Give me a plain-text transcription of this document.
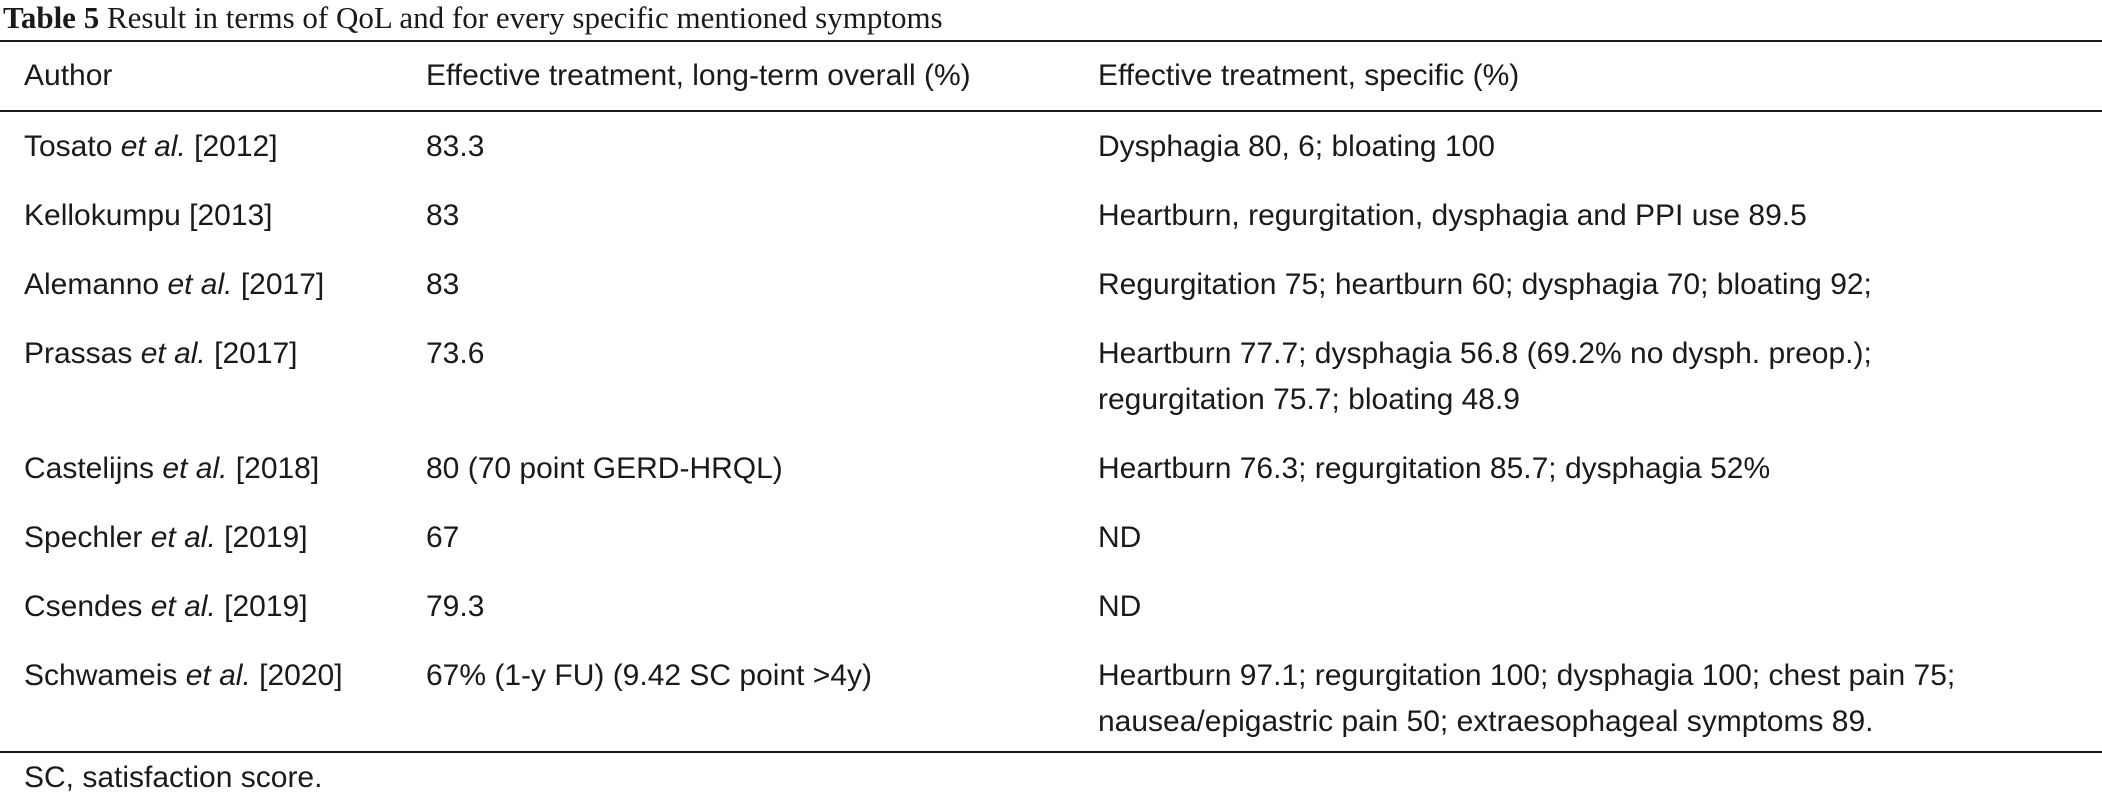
Table 5 Result in terms of QoL and for every specific mentioned symptoms
Author	Effective treatment, long-term overall (%)	Effective treatment, specific (%)
Tosato et al. [2012]	83.3	Dysphagia 80, 6; bloating 100

Kellokumpu [2013]	83	Heartburn, regurgitation, dysphagia and PPI use 89.5

Alemanno et al. [2017]	83	Regurgitation 75; heartburn 60; dysphagia 70; bloating 92;

Prassas et al. [2017]	73.6	Heartburn 77.7; dysphagia 56.8 (69.2% no dysph. preop.);
regurgitation 75.7; bloating 48.9

Castelijns et al. [2018]	80 (70 point GERD-HRQL)	Heartburn 76.3; regurgitation 85.7; dysphagia 52%

Spechler et al. [2019]	67	ND

Csendes et al. [2019]	79.3	ND

Schwameis et al. [2020]	67% (1-y FU) (9.42 SC point >4y)	Heartburn 97.1; regurgitation 100; dysphagia 100; chest pain 75;
nausea/epigastric pain 50; extraesophageal symptoms 89.
SC, satisfaction score.
